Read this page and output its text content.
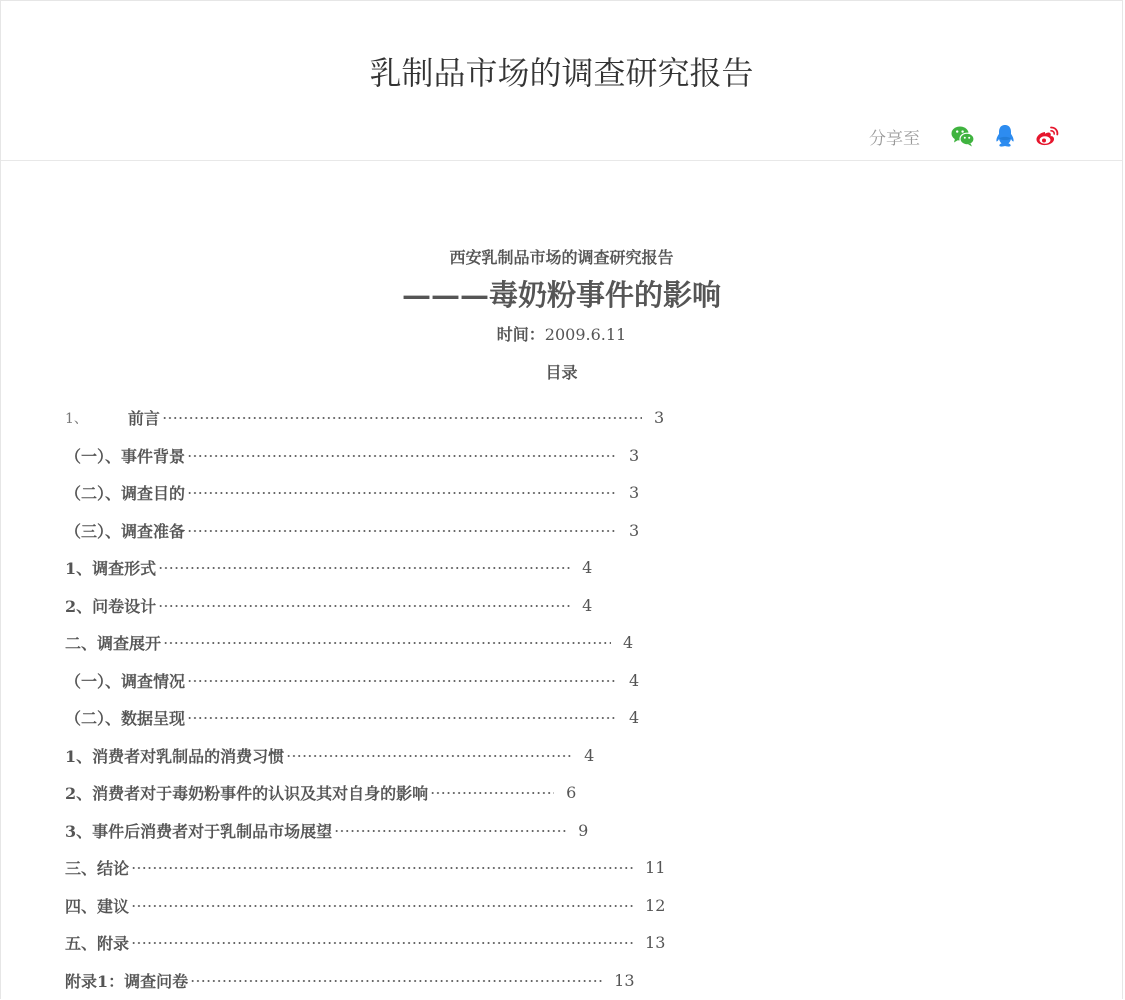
乳制品市场的调查研究报告
分享至
西安乳制品市场的调查研究报告
———毒奶粉事件的影响
时间：2009.6.11
目录
1、	前言	3
（一）、事件背景	3
（二）、调查目的	3
（三）、调查准备	3
1、调查形式	4
2、问卷设计	4
二、调查展开	4
（一）、调查情况	4
（二）、数据呈现	4
1、消费者对乳制品的消费习惯	4
2、消费者对于毒奶粉事件的认识及其对自身的影响	6
3、事件后消费者对于乳制品市场展望	9
三、结论	11
四、建议	12
五、附录	13
附录1：调查问卷	13
